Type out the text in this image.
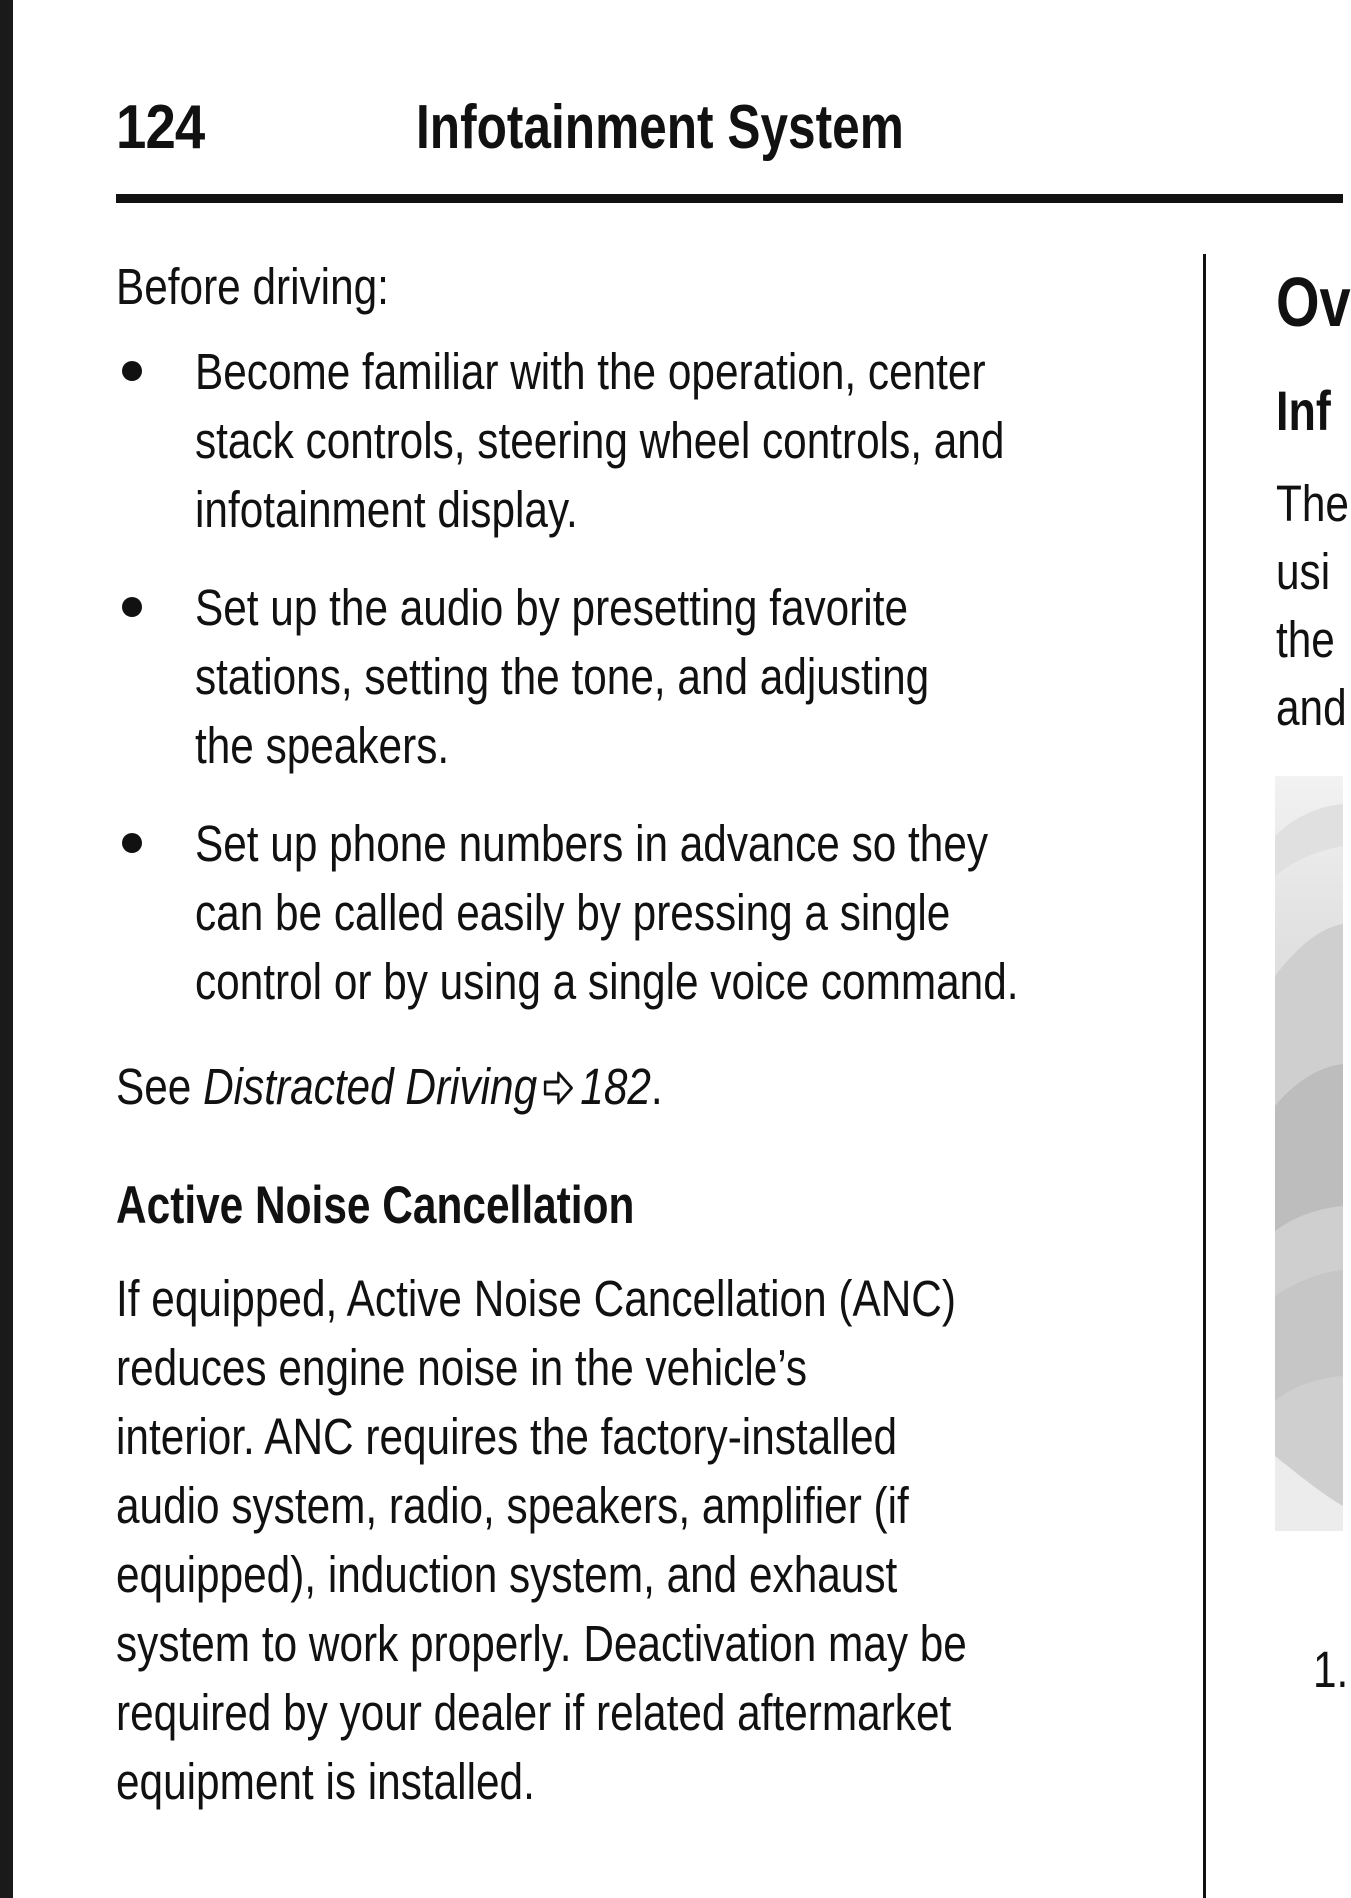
124	Infotainment System
Before driving:
Become familiar with the operation, center
stack controls, steering wheel controls, and
infotainment display.
Set up the audio by presetting favorite
stations, setting the tone, and adjusting
the speakers.
Set up phone numbers in advance so they
can be called easily by pressing a single
control or by using a single voice command.
See Distracted Driving 182.
Active Noise Cancellation
If equipped, Active Noise Cancellation (ANC)
reduces engine noise in the vehicle’s
interior. ANC requires the factory-installed
audio system, radio, speakers, amplifier (if
equipped), induction system, and exhaust
system to work properly. Deactivation may be
required by your dealer if related aftermarket
equipment is installed.
Ov
Inf
The
usi
the
and
1.
